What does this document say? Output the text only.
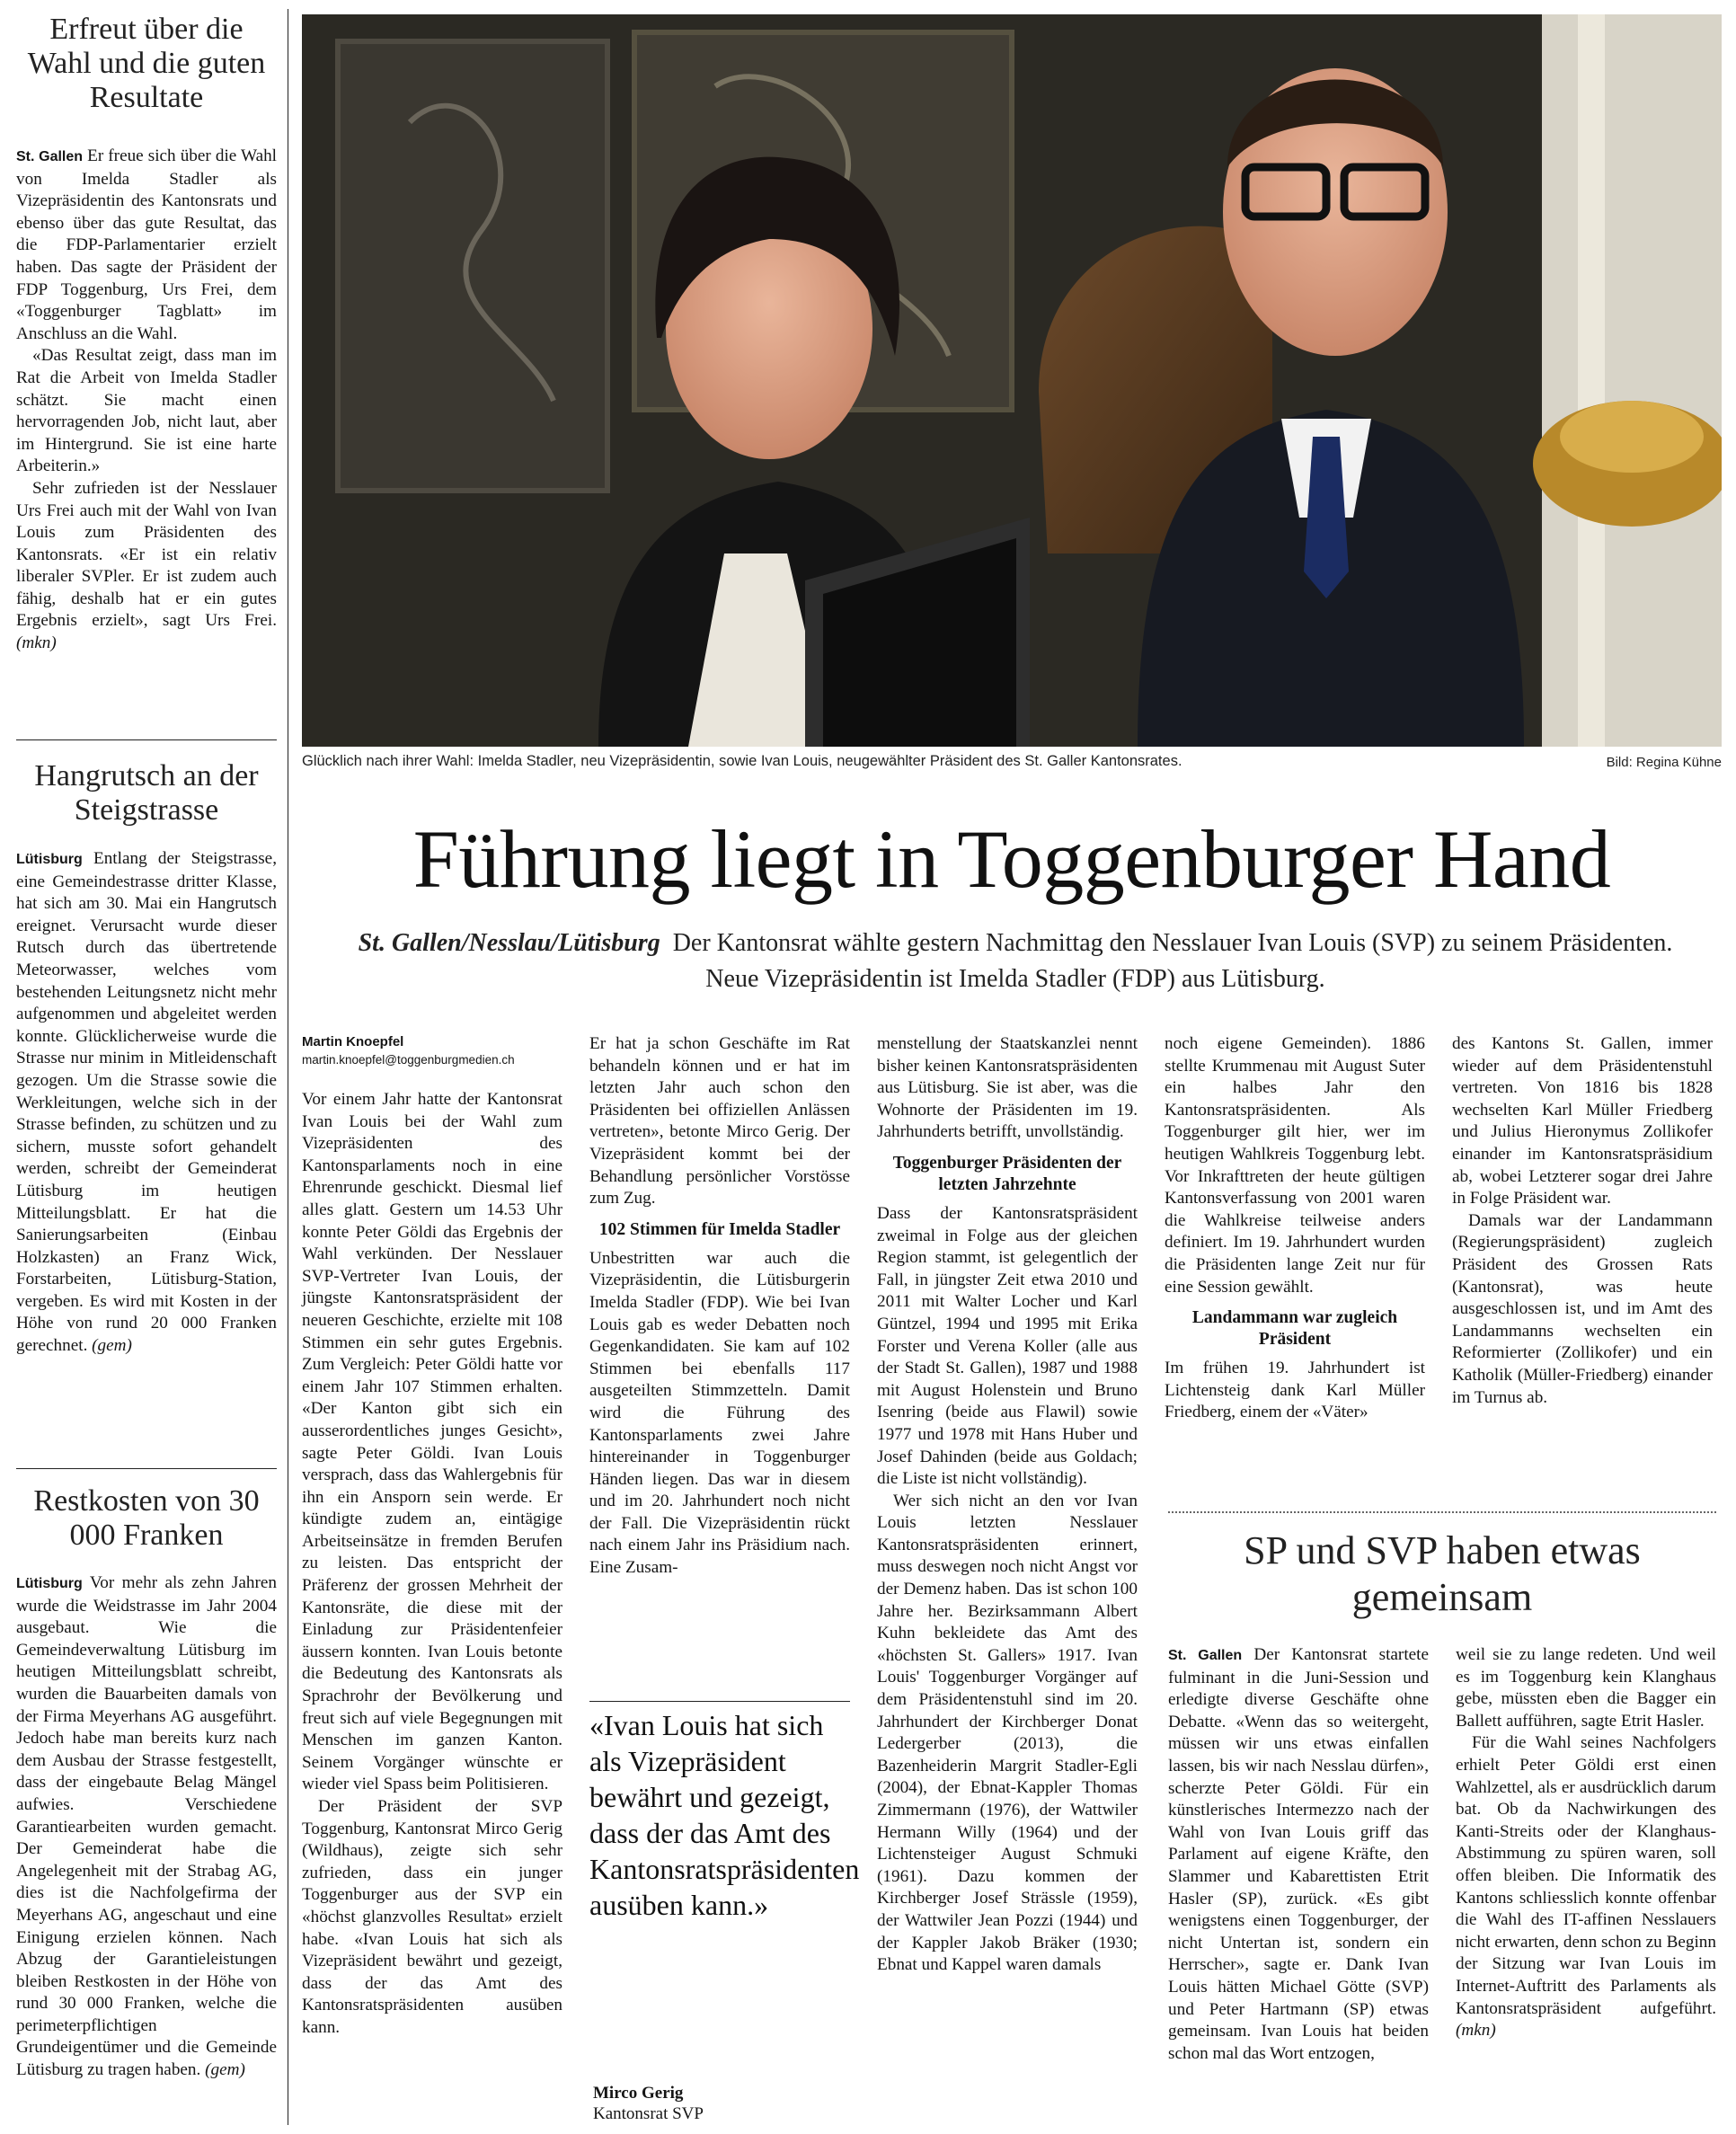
Erfreut über die Wahl und die guten Resultate

St. Gallen Er freue sich über die Wahl von Imelda Stadler als Vizepräsidentin des Kantonsrats und ebenso über das gute Resultat, das die FDP-Parlamentarier erzielt haben. Das sagte der Präsident der FDP Toggenburg, Urs Frei, dem «Toggenburger Tagblatt» im Anschluss an die Wahl.

«Das Resultat zeigt, dass man im Rat die Arbeit von Imelda Stadler schätzt. Sie macht einen hervorragenden Job, nicht laut, aber im Hintergrund. Sie ist eine harte Arbeiterin.»

Sehr zufrieden ist der Nesslauer Urs Frei auch mit der Wahl von Ivan Louis zum Präsidenten des Kantonsrats. «Er ist ein relativ liberaler SVPler. Er ist zudem auch fähig, deshalb hat er ein gutes Ergebnis erzielt», sagt Urs Frei. (mkn)

Hangrutsch an der Steigstrasse

Lütisburg Entlang der Steigstrasse, eine Gemeindestrasse dritter Klasse, hat sich am 30. Mai ein Hangrutsch ereignet. Verursacht wurde dieser Rutsch durch das übertretende Meteorwasser, welches vom bestehenden Leitungsnetz nicht mehr aufgenommen und abgeleitet werden konnte. Glücklicherweise wurde die Strasse nur minim in Mitleidenschaft gezogen. Um die Strasse sowie die Werkleitungen, welche sich in der Strasse befinden, zu schützen und zu sichern, musste sofort gehandelt werden, schreibt der Gemeinderat Lütisburg im heutigen Mitteilungsblatt. Er hat die Sanierungsarbeiten (Einbau Holzkasten) an Franz Wick, Forstarbeiten, Lütisburg-Station, vergeben. Es wird mit Kosten in der Höhe von rund 20 000 Franken gerechnet. (gem)

Restkosten von 30 000 Franken

Lütisburg Vor mehr als zehn Jahren wurde die Weidstrasse im Jahr 2004 ausgebaut. Wie die Gemeindeverwaltung Lütisburg im heutigen Mitteilungsblatt schreibt, wurden die Bauarbeiten damals von der Firma Meyerhans AG ausgeführt. Jedoch habe man bereits kurz nach dem Ausbau der Strasse festgestellt, dass der eingebaute Belag Mängel aufwies. Verschiedene Garantiearbeiten wurden gemacht. Der Gemeinderat habe die Angelegenheit mit der Strabag AG, dies ist die Nachfolgefirma der Meyerhans AG, angeschaut und eine Einigung erzielen können. Nach Abzug der Garantieleistungen bleiben Restkosten in der Höhe von rund 30 000 Franken, welche die perimeterpflichtigen Grundeigentümer und die Gemeinde Lütisburg zu tragen haben. (gem)

Glücklich nach ihrer Wahl: Imelda Stadler, neu Vizepräsidentin, sowie Ivan Louis, neugewählter Präsident des St. Galler Kantonsrates.	Bild: Regina Kühne
Führung liegt in Toggenburger Hand
St. Gallen/Nesslau/Lütisburg Der Kantonsrat wählte gestern Nachmittag den Nesslauer Ivan Louis (SVP) zu seinem Präsidenten. Neue Vizepräsidentin ist Imelda Stadler (FDP) aus Lütisburg.
Martin Knoepfel
martin.knoepfel@toggenburgmedien.ch

Vor einem Jahr hatte der Kantonsrat Ivan Louis bei der Wahl zum Vizepräsidenten des Kantonsparlaments noch in eine Ehrenrunde geschickt. Diesmal lief alles glatt. Gestern um 14.53 Uhr konnte Peter Göldi das Ergebnis der Wahl verkünden. Der Nesslauer SVP-Vertreter Ivan Louis, der jüngste Kantonsratspräsident der neueren Geschichte, erzielte mit 108 Stimmen ein sehr gutes Ergebnis. Zum Vergleich: Peter Göldi hatte vor einem Jahr 107 Stimmen erhalten. «Der Kanton gibt sich ein ausserordentliches junges Gesicht», sagte Peter Göldi. Ivan Louis versprach, dass das Wahlergebnis für ihn ein Ansporn sein werde. Er kündigte zudem an, eintägige Arbeitseinsätze in fremden Berufen zu leisten. Das entspricht der Präferenz der grossen Mehrheit der Kantonsräte, die diese mit der Einladung zur Präsidentenfeier äussern konnten. Ivan Louis betonte die Bedeutung des Kantonsrats als Sprachrohr der Bevölkerung und freut sich auf viele Begegnungen mit Menschen im ganzen Kanton. Seinem Vorgänger wünschte er wieder viel Spass beim Politisieren.

Der Präsident der SVP Toggenburg, Kantonsrat Mirco Gerig (Wildhaus), zeigte sich sehr zufrieden, dass ein junger Toggenburger aus der SVP ein «höchst glanzvolles Resultat» erzielt habe. «Ivan Louis hat sich als Vizepräsident bewährt und gezeigt, dass der das Amt des Kantonsratspräsidenten ausüben kann.

Er hat ja schon Geschäfte im Rat behandeln können und er hat im letzten Jahr auch schon den Präsidenten bei offiziellen Anlässen vertreten», betonte Mirco Gerig. Der Vizepräsident kommt bei der Behandlung persönlicher Vorstösse zum Zug.

102 Stimmen für Imelda Stadler

Unbestritten war auch die Vizepräsidentin, die Lütisburgerin Imelda Stadler (FDP). Wie bei Ivan Louis gab es weder Debatten noch Gegenkandidaten. Sie kam auf 102 Stimmen bei ebenfalls 117 ausgeteilten Stimmzetteln. Damit wird die Führung des Kantonsparlaments zwei Jahre hintereinander in Toggenburger Händen liegen. Das war in diesem und im 20. Jahrhundert noch nicht der Fall. Die Vizepräsidentin rückt nach einem Jahr ins Präsidium nach. Eine Zusam-

«Ivan Louis hat sich als Vizepräsident bewährt und gezeigt, dass der das Amt des Kantonsratspräsidenten ausüben kann.»
Mirco Gerig
Kantonsrat SVP

menstellung der Staatskanzlei nennt bisher keinen Kantonsratspräsidenten aus Lütisburg. Sie ist aber, was die Wohnorte der Präsidenten im 19. Jahrhunderts betrifft, unvollständig.

Toggenburger Präsidenten der letzten Jahrzehnte

Dass der Kantonsratspräsident zweimal in Folge aus der gleichen Region stammt, ist gelegentlich der Fall, in jüngster Zeit etwa 2010 und 2011 mit Walter Locher und Karl Güntzel, 1994 und 1995 mit Erika Forster und Verena Koller (alle aus der Stadt St. Gallen), 1987 und 1988 mit August Holenstein und Bruno Isenring (beide aus Flawil) sowie 1977 und 1978 mit Hans Huber und Josef Dahinden (beide aus Goldach; die Liste ist nicht vollständig).

Wer sich nicht an den vor Ivan Louis letzten Nesslauer Kantonsratspräsidenten erinnert, muss deswegen noch nicht Angst vor der Demenz haben. Das ist schon 100 Jahre her. Bezirksammann Albert Kuhn bekleidete das Amt des «höchsten St. Gallers» 1917. Ivan Louis' Toggenburger Vorgänger auf dem Präsidentenstuhl sind im 20. Jahrhundert der Kirchberger Donat Ledergerber (2013), die Bazenheiderin Margrit Stadler-Egli (2004), der Ebnat-Kappler Thomas Zimmermann (1976), der Wattwiler Hermann Willy (1964) und der Lichtensteiger August Schmuki (1961). Dazu kommen der Kirchberger Josef Strässle (1959), der Wattwiler Jean Pozzi (1944) und der Kappler Jakob Bräker (1930; Ebnat und Kappel waren damals

noch eigene Gemeinden). 1886 stellte Krummenau mit August Suter ein halbes Jahr den Kantonsratspräsidenten. Als Toggenburger gilt hier, wer im heutigen Wahlkreis Toggenburg lebt. Vor Inkrafttreten der heute gültigen Kantonsverfassung von 2001 waren die Wahlkreise teilweise anders definiert. Im 19. Jahrhundert wurden die Präsidenten lange Zeit nur für eine Session gewählt.

Landammann war zugleich Präsident

Im frühen 19. Jahrhundert ist Lichtensteig dank Karl Müller Friedberg, einem der «Väter»

des Kantons St. Gallen, immer wieder auf dem Präsidentenstuhl vertreten. Von 1816 bis 1828 wechselten Karl Müller Friedberg und Julius Hieronymus Zollikofer einander im Kantonsratspräsidium ab, wobei Letzterer sogar drei Jahre in Folge Präsident war.

Damals war der Landammann (Regierungspräsident) zugleich Präsident des Grossen Rats (Kantonsrat), was heute ausgeschlossen ist, und im Amt des Landammanns wechselten ein Reformierter (Zollikofer) und ein Katholik (Müller-Friedberg) einander im Turnus ab.

SP und SVP haben etwas gemeinsam

St. Gallen Der Kantonsrat startete fulminant in die Juni-Session und erledigte diverse Geschäfte ohne Debatte. «Wenn das so weitergeht, müssen wir uns etwas einfallen lassen, bis wir nach Nesslau dürfen», scherzte Peter Göldi. Für ein künstlerisches Intermezzo nach der Wahl von Ivan Louis griff das Parlament auf eigene Kräfte, den Slammer und Kabarettisten Etrit Hasler (SP), zurück. «Es gibt wenigstens einen Toggenburger, der nicht Untertan ist, sondern ein Herrscher», sagte er. Dank Ivan Louis hätten Michael Götte (SVP) und Peter Hartmann (SP) etwas gemeinsam. Ivan Louis hat beiden schon mal das Wort entzogen,

weil sie zu lange redeten. Und weil es im Toggenburg kein Klanghaus gebe, müssten eben die Bagger ein Ballett aufführen, sagte Etrit Hasler.

Für die Wahl seines Nachfolgers erhielt Peter Göldi erst einen Wahlzettel, als er ausdrücklich darum bat. Ob da Nachwirkungen des Kanti-Streits oder der Klanghaus-Abstimmung zu spüren waren, soll offen bleiben. Die Informatik des Kantons schliesslich konnte offenbar die Wahl des IT-affinen Nesslauers nicht erwarten, denn schon zu Beginn der Sitzung war Ivan Louis im Internet-Auftritt des Parlaments als Kantonsratspräsident aufgeführt. (mkn)
